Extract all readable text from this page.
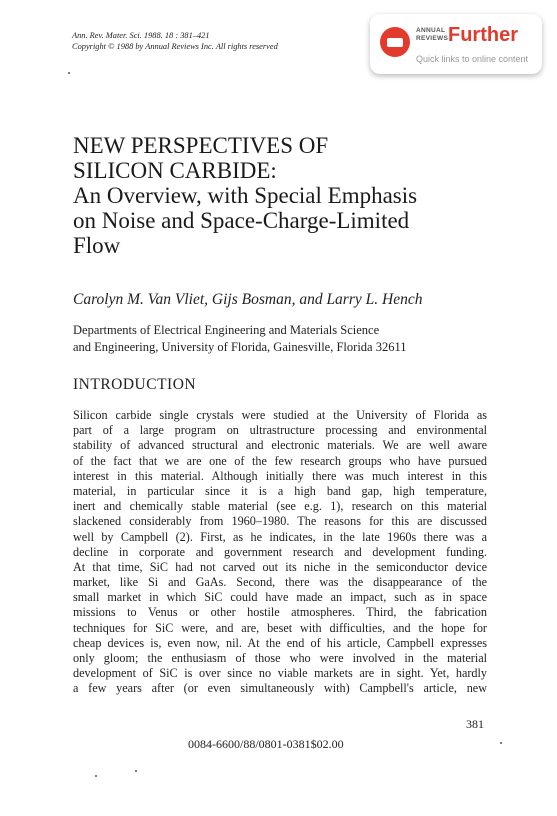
Ann. Rev. Mater. Sci. 1988. 18 : 381–421
Copyright © 1988 by Annual Reviews Inc. All rights reserved
ANNUAL
REVIEWS Further
Quick links to online content
NEW PERSPECTIVES OF
SILICON CARBIDE:
An Overview, with Special Emphasis
on Noise and Space-Charge-Limited
Flow
Carolyn M. Van Vliet, Gijs Bosman, and Larry L. Hench
Departments of Electrical Engineering and Materials Science
and Engineering, University of Florida, Gainesville, Florida 32611
INTRODUCTION
Silicon carbide single crystals were studied at the University of Florida as
part of a large program on ultrastructure processing and environmental
stability of advanced structural and electronic materials. We are well aware
of the fact that we are one of the few research groups who have pursued
interest in this material. Although initially there was much interest in this
material, in particular since it is a high band gap, high temperature,
inert and chemically stable material (see e.g. 1), research on this material
slackened considerably from 1960–1980. The reasons for this are discussed
well by Campbell (2). First, as he indicates, in the late 1960s there was a
decline in corporate and government research and development funding.
At that time, SiC had not carved out its niche in the semiconductor device
market, like Si and GaAs. Second, there was the disappearance of the
small market in which SiC could have made an impact, such as in space
missions to Venus or other hostile atmospheres. Third, the fabrication
techniques for SiC were, and are, beset with difficulties, and the hope for
cheap devices is, even now, nil. At the end of his article, Campbell expresses
only gloom; the enthusiasm of those who were involved in the material
development of SiC is over since no viable markets are in sight. Yet, hardly
a few years after (or even simultaneously with) Campbell's article, new
381
0084-6600/88/0801-0381$02.00
